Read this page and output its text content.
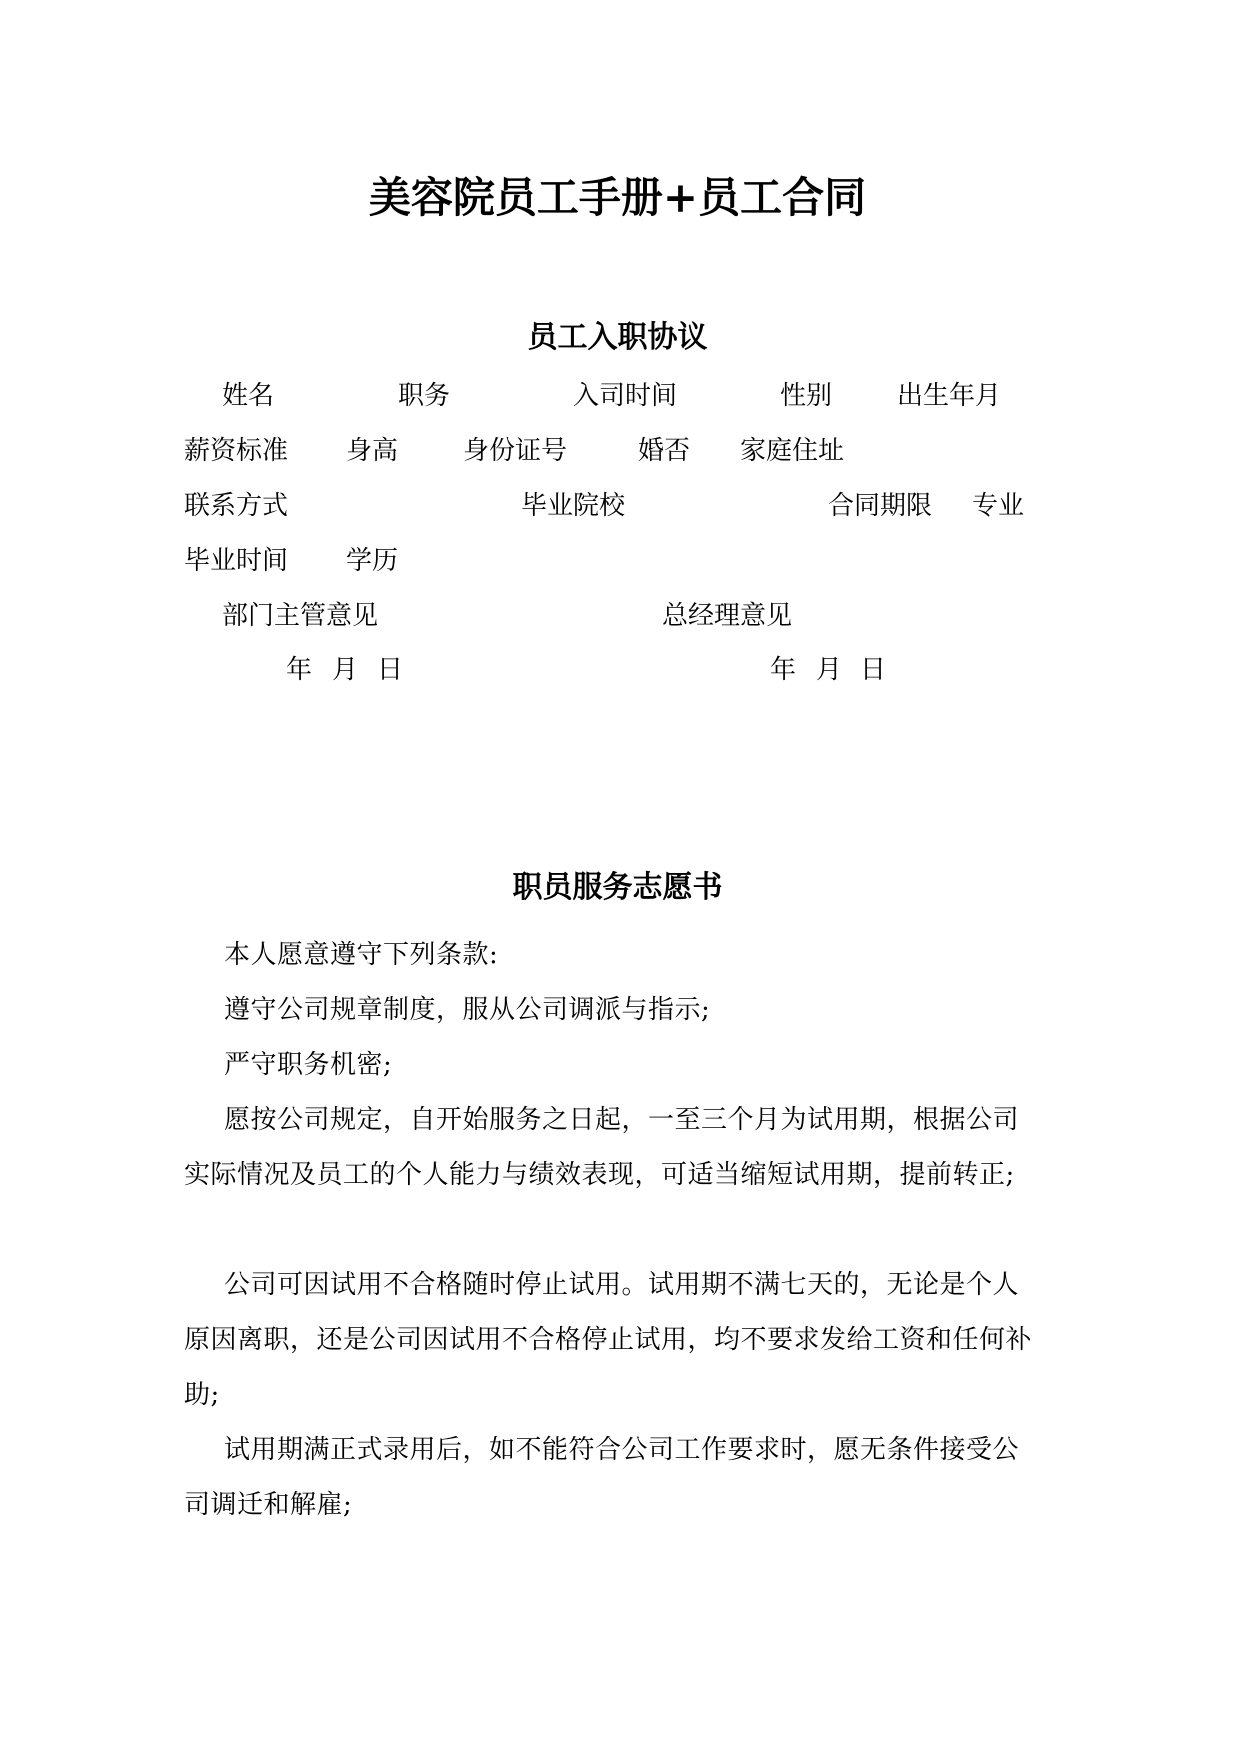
美容院员工手册+员工合同
员工入职协议
姓名	职务	入司时间	性别 出生年月
薪资标准 身高 身份证号	婚否 家庭住址
联系方式	毕业院校	合同期限 专业
毕业时间 学历
部门主管意见	总经理意见
年 月 日	年 月 日
职员服务志愿书

本人愿意遵守下列条款:

遵守公司规章制度，服从公司调派与指示;

严守职务机密;

愿按公司规定，自开始服务之日起，一至三个月为试用期，根据公司实际情况及员工的个人能力与绩效表现，可适当缩短试用期，提前转正;

公司可因试用不合格随时停止试用。试用期不满七天的，无论是个人原因离职，还是公司因试用不合格停止试用，均不要求发给工资和任何补助;

试用期满正式录用后，如不能符合公司工作要求时，愿无条件接受公司调迁和解雇;
